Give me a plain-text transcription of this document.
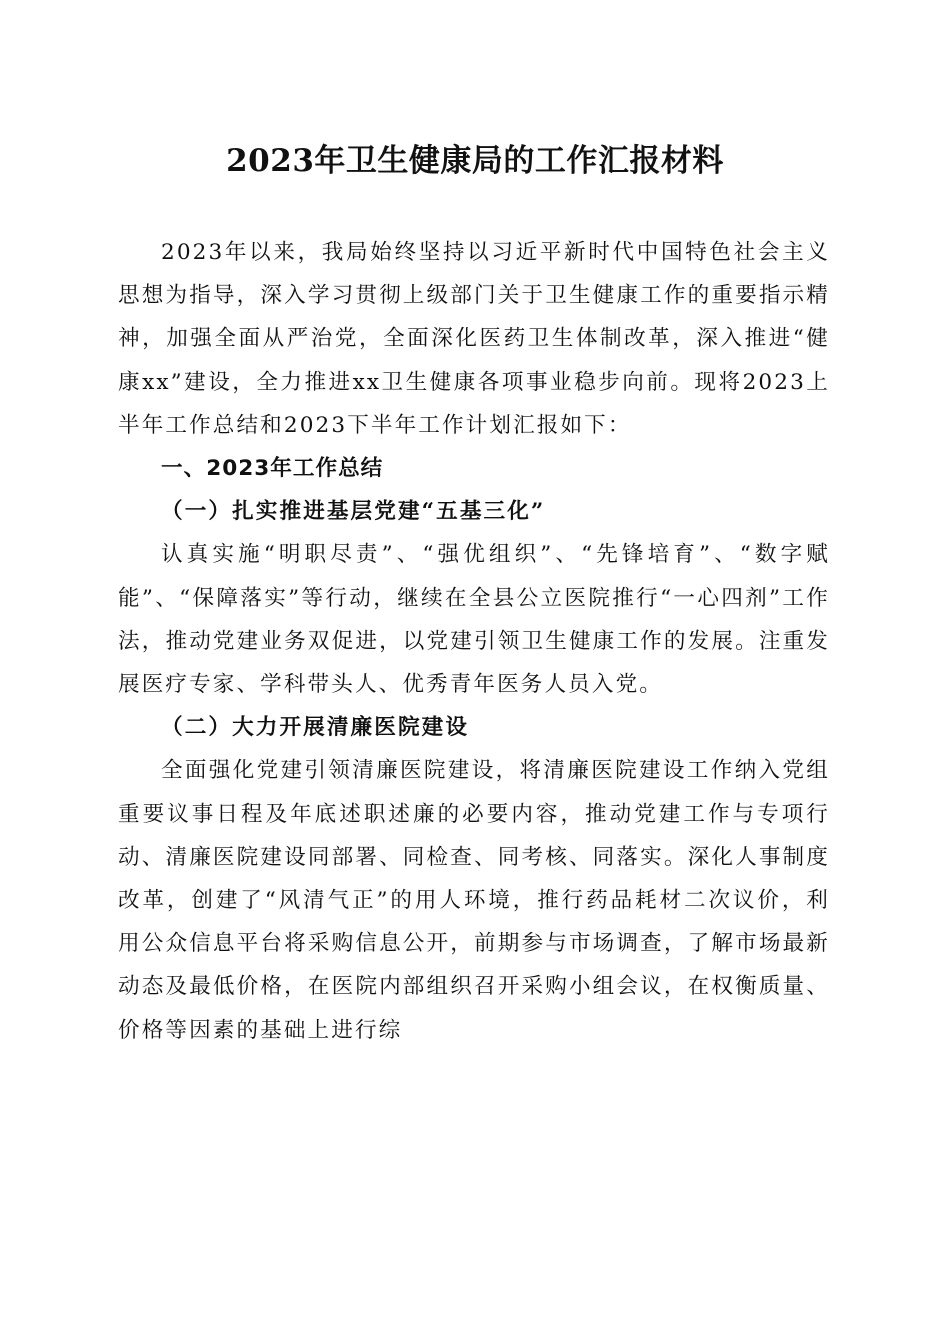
2023年卫生健康局的工作汇报材料

2023年以来，我局始终坚持以习近平新时代中国特色社会主义思想为指导，深入学习贯彻上级部门关于卫生健康工作的重要指示精神，加强全面从严治党，全面深化医药卫生体制改革，深入推进“健康xx”建设，全力推进xx卫生健康各项事业稳步向前。现将2023上半年工作总结和2023下半年工作计划汇报如下：

一、2023年工作总结

（一）扎实推进基层党建“五基三化”

认真实施“明职尽责”、“强优组织”、“先锋培育”、“数字赋能”、“保障落实”等行动，继续在全县公立医院推行“一心四剂”工作法，推动党建业务双促进，以党建引领卫生健康工作的发展。注重发展医疗专家、学科带头人、优秀青年医务人员入党。

（二）大力开展清廉医院建设

全面强化党建引领清廉医院建设，将清廉医院建设工作纳入党组重要议事日程及年底述职述廉的必要内容，推动党建工作与专项行动、清廉医院建设同部署、同检查、同考核、同落实。深化人事制度改革，创建了“风清气正”的用人环境，推行药品耗材二次议价，利用公众信息平台将采购信息公开，前期参与市场调查，了解市场最新动态及最低价格，在医院内部组织召开采购小组会议，在权衡质量、价格等因素的基础上进行综
